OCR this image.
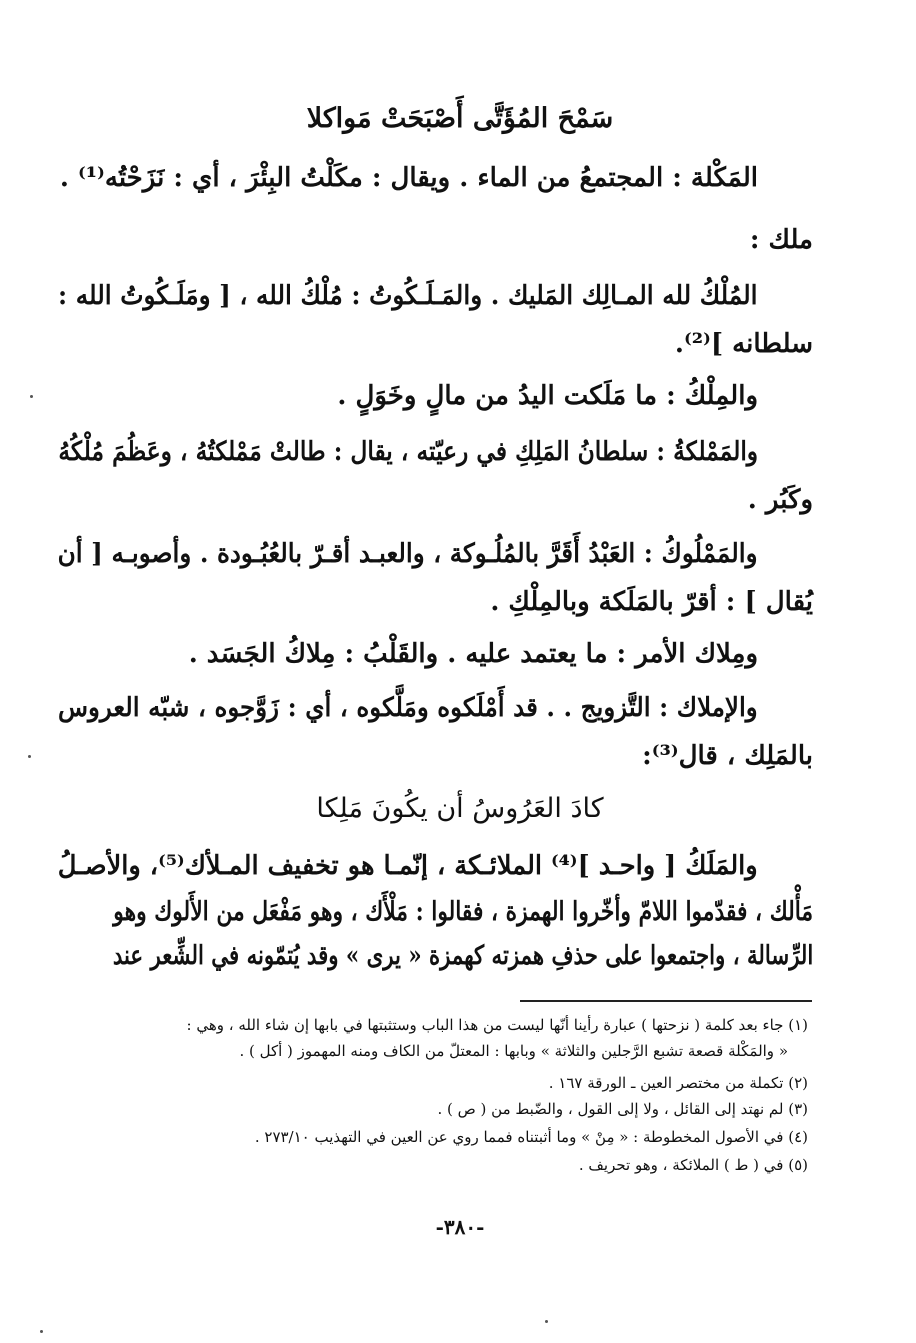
سَمْحَ المُؤَتَّى أَصْبَحَتْ مَواكلا
المَكْلة : المجتمعُ من الماء . ويقال : مكَلْتُ البِئْرَ ، أي : نَزَحْتُه⁽¹⁾ .
ملك :
المُلْكُ لله المـالِك المَليك . والمَـلَـكُوتُ : مُلْكُ الله ، [ ومَلَـكُوتُ الله :
سلطانه ]⁽²⁾.
والمِلْكُ : ما مَلَكت اليدُ من مالٍ وخَوَلٍ .
والمَمْلكةُ : سلطانُ المَلِكِ في رعيّته ، يقال : طالتْ مَمْلكتُهُ ، وعَظُمَ مُلْكُهُ
وكَبُر .
والمَمْلُوكُ : العَبْدُ أَقَرَّ بالمُلُـوكة ، والعبـد أقـرّ بالعُبُـودة . وأصوبـه [ أن
يُقال ] : أقرّ بالمَلَكة وبالمِلْكِ .
ومِلاك الأمر : ما يعتمد عليه . والقَلْبُ : مِلاكُ الجَسَد .
والإملاك : التَّزويج . . قد أَمْلَكوه ومَلَّكوه ، أي : زَوَّجوه ، شبّه العروس
بالمَلِك ، قال⁽³⁾:
كادَ العَرُوسُ أن يكُونَ مَلِكا
والمَلَكُ [ واحـد ]⁽⁴⁾ الملائـكة ، إنّمـا هو تخفيف المـلأك⁽⁵⁾، والأصـلُ
مَأْلك ، فقدّموا اللامّ وأخّروا الهمزة ، فقالوا : مَلْأَك ، وهو مَفْعَل من الأَلوك وهو
الرِّسالة ، واجتمعوا على حذفِ همزته كهمزة « يرى » وقد يُتمّونه في الشِّعر عند
(١) جاء بعد كلمة ( نزحتها ) عبارة رأينا أنّها ليست من هذا الباب وستثبتها في بابها إن شاء الله ، وهي :
« والمَكْلة قصعة تشبع الرَّجلين والثلاثة » وبابها : المعتلّ من الكاف ومنه المهموز ( أكل ) .
(٢) تكملة من مختصر العين ـ الورقة ١٦٧ .
(٣) لم نهتد إلى القائل ، ولا إلى القول ، والضّبط من ( ص ) .
(٤) في الأصول المخطوطة : « مِنْ » وما أثبتناه فمما روي عن العين في التهذيب ٢٧٣/١٠ .
(٥) في ( ط ) الملائكة ، وهو تحريف .
-٣٨٠-
